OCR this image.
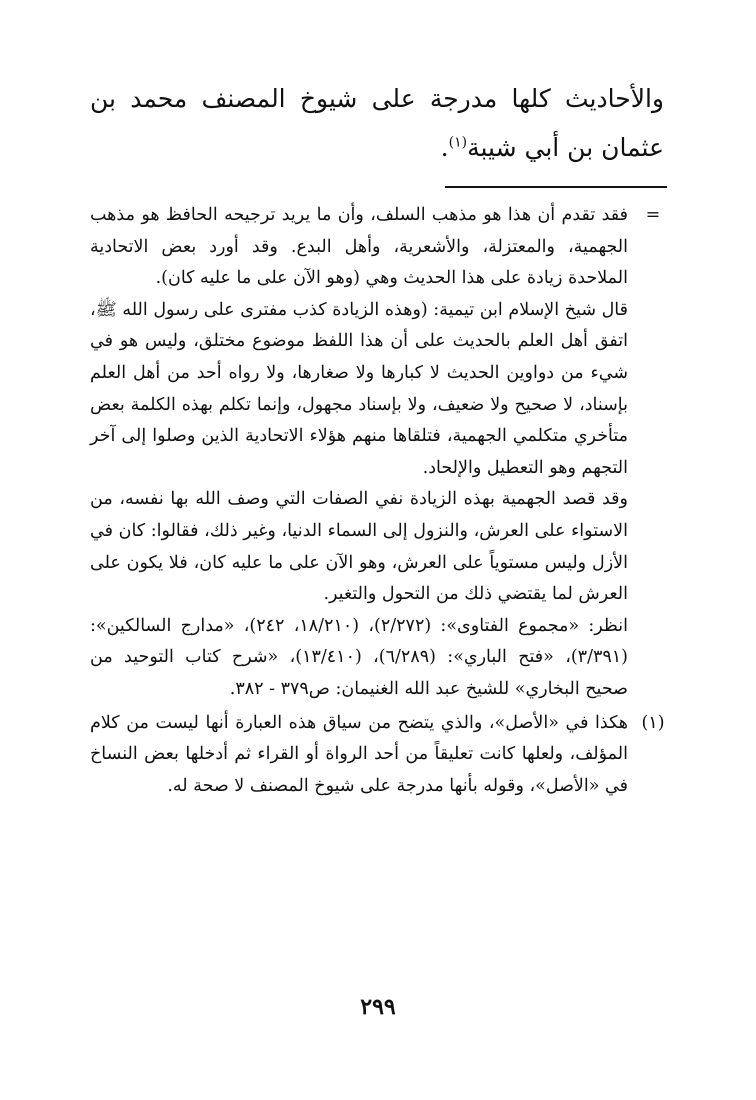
والأحاديث كلها مدرجة على شيوخ المصنف محمد بن عثمان بن أبي شيبة$^{(١)}$.

=

فقد تقدم أن هذا هو مذهب السلف، وأن ما يريد ترجيحه الحافظ هو مذهب الجهمية، والمعتزلة، والأشعرية، وأهل البدع. وقد أورد بعض الاتحادية الملاحدة زيادة على هذا الحديث وهي (وهو الآن على ما عليه كان).

قال شيخ الإسلام ابن تيمية: (وهذه الزيادة كذب مفترى على رسول الله ﷺ، اتفق أهل العلم بالحديث على أن هذا اللفظ موضوع مختلق، وليس هو في شيء من دواوين الحديث لا كبارها ولا صغارها، ولا رواه أحد من أهل العلم بإسناد، لا صحيح ولا ضعيف، ولا بإسناد مجهول، وإنما تكلم بهذه الكلمة بعض متأخري متكلمي الجهمية، فتلقاها منهم هؤلاء الاتحادية الذين وصلوا إلى آخر التجهم وهو التعطيل والإلحاد.

وقد قصد الجهمية بهذه الزيادة نفي الصفات التي وصف الله بها نفسه، من الاستواء على العرش، والنزول إلى السماء الدنيا، وغير ذلك، فقالوا: كان في الأزل وليس مستوياً على العرش، وهو الآن على ما عليه كان، فلا يكون على العرش لما يقتضي ذلك من التحول والتغير.

انظر: «مجموع الفتاوى»: (٢/٢٧٢)، (١٨/٢١٠، ٢٤٢)، «مدارج السالكين»: (٣/٣٩١)، «فتح الباري»: (٦/٢٨٩)، (١٣/٤١٠)، «شرح كتاب التوحيد من صحيح البخاري» للشيخ عبد الله الغنيمان: ص٣٧٩ - ٣٨٢.

(١)

هكذا في «الأصل»، والذي يتضح من سياق هذه العبارة أنها ليست من كلام المؤلف، ولعلها كانت تعليقاً من أحد الرواة أو القراء ثم أدخلها بعض النساخ في «الأصل»، وقوله بأنها مدرجة على شيوخ المصنف لا صحة له.

٢٩٩
